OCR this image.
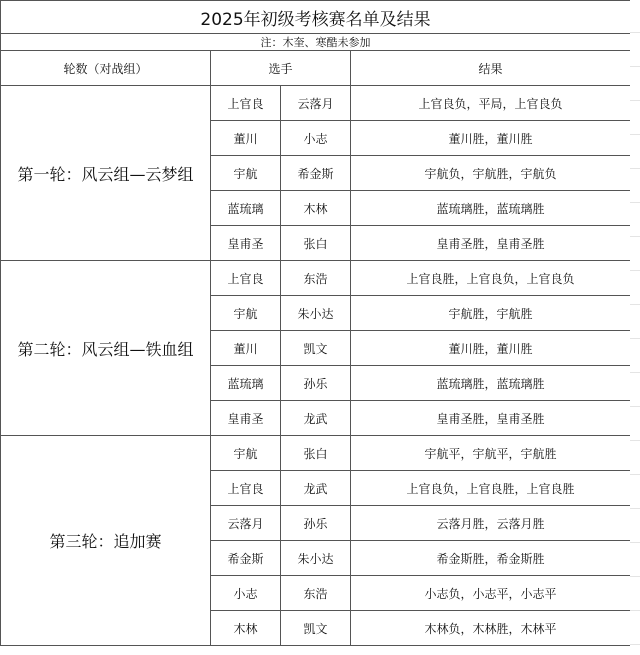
2025年初级考核赛名单及结果			
注：木奎、寒酷未参加			
轮数（对战组）	选手		结果
第一轮：风云组—云梦组	上官良	云落月	上官良负，平局，上官良负
	董川	小志	董川胜，董川胜
	宇航	希金斯	宇航负，宇航胜，宇航负
	蓝琉璃	木林	蓝琉璃胜，蓝琉璃胜
	皇甫圣	张白	皇甫圣胜，皇甫圣胜
第二轮：风云组—铁血组	上官良	东浩	上官良胜，上官良负，上官良负
	宇航	朱小达	宇航胜，宇航胜
	董川	凯文	董川胜，董川胜
	蓝琉璃	孙乐	蓝琉璃胜，蓝琉璃胜
	皇甫圣	龙武	皇甫圣胜，皇甫圣胜
第三轮：追加赛	宇航	张白	宇航平，宇航平，宇航胜
	上官良	龙武	上官良负，上官良胜，上官良胜
	云落月	孙乐	云落月胜，云落月胜
	希金斯	朱小达	希金斯胜，希金斯胜
	小志	东浩	小志负，小志平，小志平
	木林	凯文	木林负，木林胜，木林平
